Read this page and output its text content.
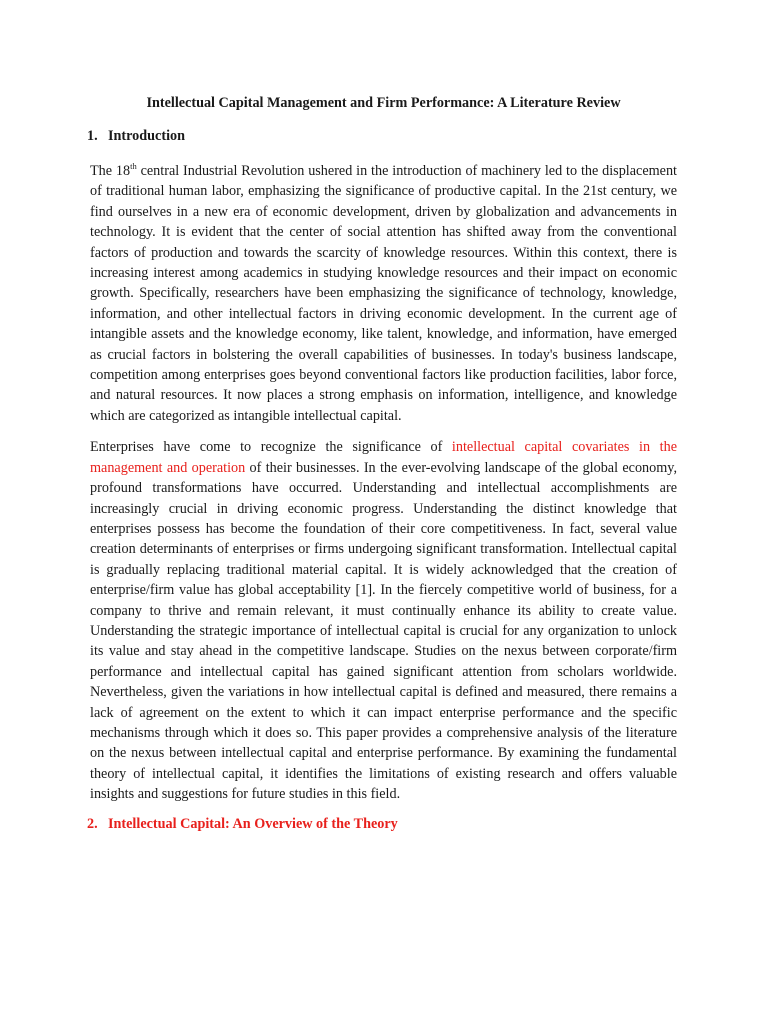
Intellectual Capital Management and Firm Performance: A Literature Review
1. Introduction

The 18th central Industrial Revolution ushered in the introduction of machinery led to the displacement of traditional human labor, emphasizing the significance of productive capital. In the 21st century, we find ourselves in a new era of economic development, driven by globalization and advancements in technology. It is evident that the center of social attention has shifted away from the conventional factors of production and towards the scarcity of knowledge resources. Within this context, there is increasing interest among academics in studying knowledge resources and their impact on economic growth. Specifically, researchers have been emphasizing the significance of technology, knowledge, information, and other intellectual factors in driving economic development. In the current age of intangible assets and the knowledge economy, like talent, knowledge, and information, have emerged as crucial factors in bolstering the overall capabilities of businesses. In today's business landscape, competition among enterprises goes beyond conventional factors like production facilities, labor force, and natural resources. It now places a strong emphasis on information, intelligence, and knowledge which are categorized as intangible intellectual capital.

Enterprises have come to recognize the significance of intellectual capital covariates in the management and operation of their businesses. In the ever-evolving landscape of the global economy, profound transformations have occurred. Understanding and intellectual accomplishments are increasingly crucial in driving economic progress. Understanding the distinct knowledge that enterprises possess has become the foundation of their core competitiveness. In fact, several value creation determinants of enterprises or firms undergoing significant transformation. Intellectual capital is gradually replacing traditional material capital. It is widely acknowledged that the creation of enterprise/firm value has global acceptability [1]. In the fiercely competitive world of business, for a company to thrive and remain relevant, it must continually enhance its ability to create value. Understanding the strategic importance of intellectual capital is crucial for any organization to unlock its value and stay ahead in the competitive landscape. Studies on the nexus between corporate/firm performance and intellectual capital has gained significant attention from scholars worldwide. Nevertheless, given the variations in how intellectual capital is defined and measured, there remains a lack of agreement on the extent to which it can impact enterprise performance and the specific mechanisms through which it does so. This paper provides a comprehensive analysis of the literature on the nexus between intellectual capital and enterprise performance. By examining the fundamental theory of intellectual capital, it identifies the limitations of existing research and offers valuable insights and suggestions for future studies in this field.

2. Intellectual Capital: An Overview of the Theory
